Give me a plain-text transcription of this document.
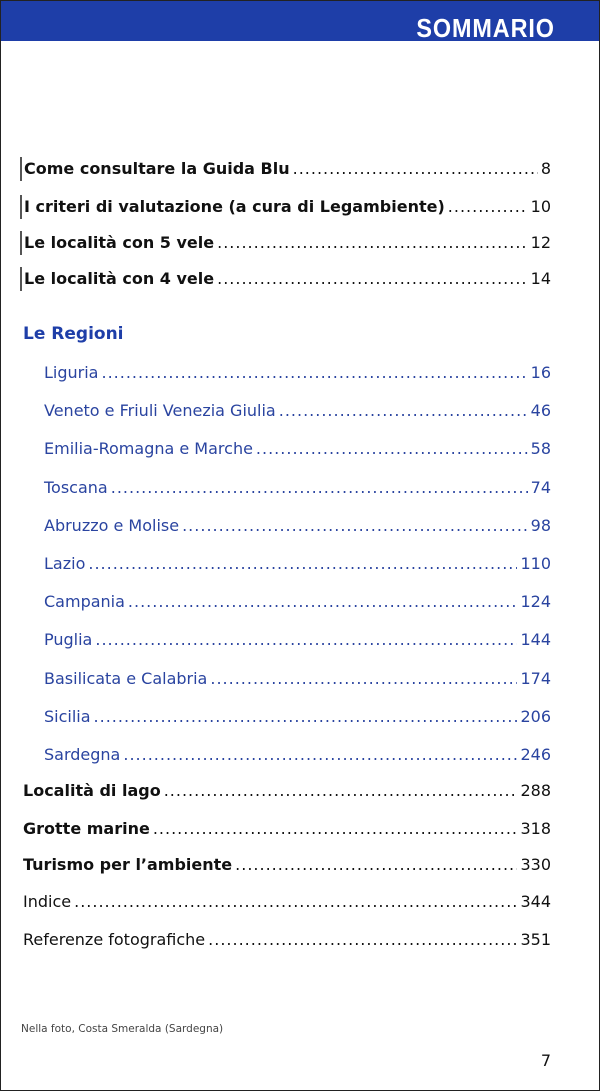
SOMMARIO
Come consultare la Guida Blu .....	8
I criteri di valutazione (a cura di Legambiente) .....	10
Le località con 5 vele .....	12
Le località con 4 vele .....	14
Le Regioni
Liguria .....	16
Veneto e Friuli Venezia Giulia .....	46
Emilia-Romagna e Marche .....	58
Toscana .....	74
Abruzzo e Molise .....	98
Lazio .....	110
Campania .....	124
Puglia .....	144
Basilicata e Calabria .....	174
Sicilia .....	206
Sardegna .....	246
Località di lago .....	288
Grotte marine .....	318
Turismo per l’ambiente .....	330
Indice .....	344
Referenze fotografiche .....	351
Nella foto, Costa Smeralda (Sardegna)
7
